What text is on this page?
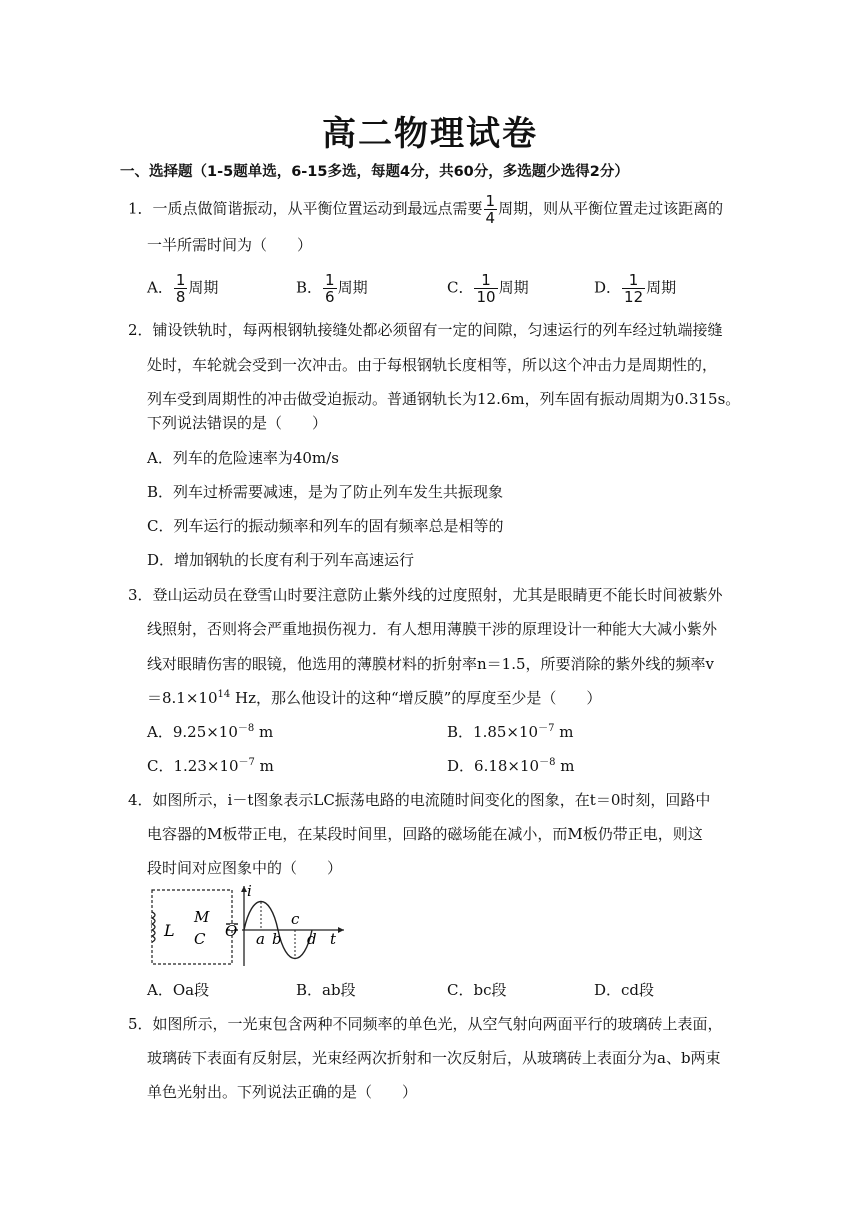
高二物理试卷
一、选择题（1-5题单选，6-15多选，每题4分，共60分，多选题少选得2分）
1．一质点做简谐振动，从平衡位置运动到最远点需要 $\frac{1}{4}$ 周期，则从平衡位置走过该距离的
一半所需时间为（　　）
A． $\frac{1}{8}$ 周期	B． $\frac{1}{6}$ 周期	C． $\frac{1}{10}$ 周期	D． $\frac{1}{12}$ 周期
2．铺设铁轨时，每两根钢轨接缝处都必须留有一定的间隙，匀速运行的列车经过轨端接缝
处时，车轮就会受到一次冲击。由于每根钢轨长度相等，所以这个冲击力是周期性的，
列车受到周期性的冲击做受迫振动。普通钢轨长为12.6m，列车固有振动周期为0.315s。
下列说法错误的是（　　）
A．列车的危险速率为40m/s
B．列车过桥需要减速，是为了防止列车发生共振现象
C．列车运行的振动频率和列车的固有频率总是相等的
D．增加钢轨的长度有利于列车高速运行
3．登山运动员在登雪山时要注意防止紫外线的过度照射，尤其是眼睛更不能长时间被紫外
线照射，否则将会严重地损伤视力．有人想用薄膜干涉的原理设计一种能大大减小紫外
线对眼睛伤害的眼镜，他选用的薄膜材料的折射率n＝1.5，所要消除的紫外线的频率v
$=8.1\times 10^{14}$ Hz，那么他设计的这种“增反膜”的厚度至少是（　　）
A．$9.25\times 10^{-8}$ m	B．$1.85\times 10^{-7}$ m
C．$1.23\times 10^{-7}$ m	D．$6.18\times 10^{-8}$ m
4．如图所示，i－t图象表示LC振荡电路的电流随时间变化的图象，在t＝0时刻，回路中
电容器的M板带正电，在某段时间里，回路的磁场能在减小，而M板仍带正电，则这
段时间对应图象中的（　　）
L
M
C O
i
t
a b
c
d
A．Oa段	B．ab段	C．bc段	D．cd段
5．如图所示，一光束包含两种不同频率的单色光，从空气射向两面平行的玻璃砖上表面，
玻璃砖下表面有反射层，光束经两次折射和一次反射后，从玻璃砖上表面分为a、b两束
单色光射出。下列说法正确的是（　　）
